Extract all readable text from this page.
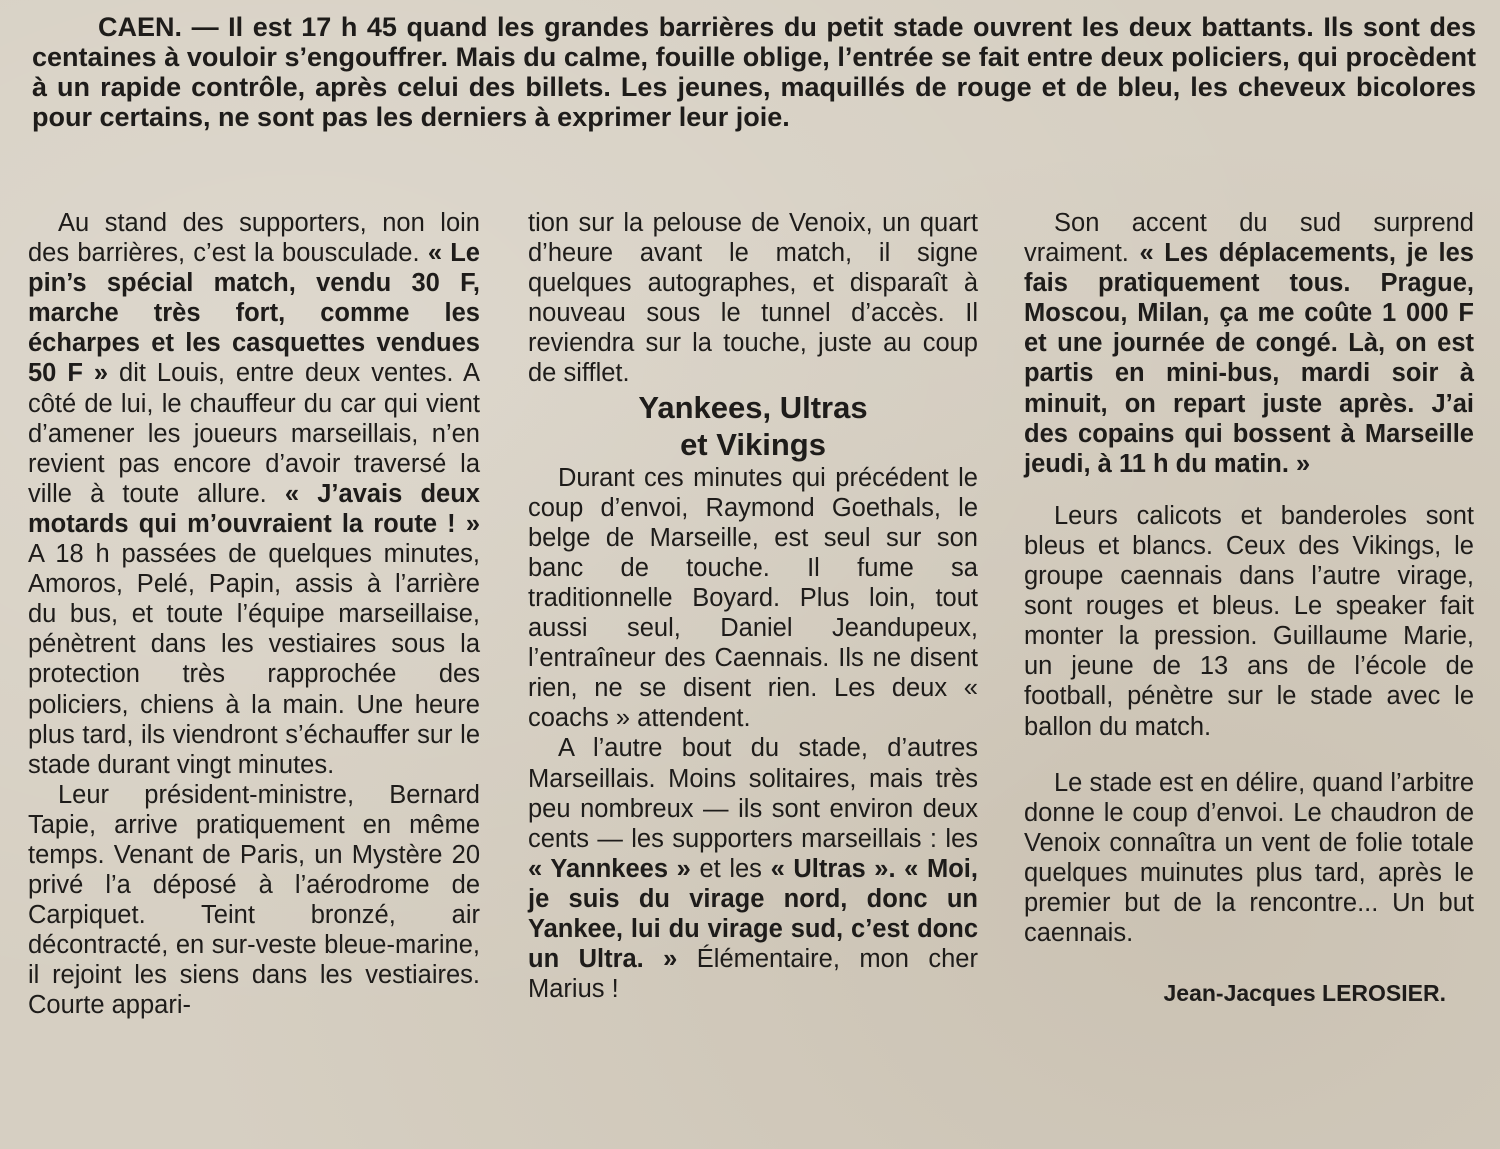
CAEN. — Il est 17 h 45 quand les grandes barrières du petit stade ouvrent les deux battants. Ils sont des centaines à vouloir s’engouffrer. Mais du calme, fouille oblige, l’entrée se fait entre deux policiers, qui procèdent à un rapide contrôle, après celui des billets. Les jeunes, maquillés de rouge et de bleu, les cheveux bicolores pour certains, ne sont pas les derniers à exprimer leur joie.

Au stand des supporters, non loin des barrières, c’est la bousculade. « Le pin’s spécial match, vendu 30 F, marche très fort, comme les écharpes et les casquettes vendues 50 F » dit Louis, entre deux ventes. A côté de lui, le chauffeur du car qui vient d’amener les joueurs marseillais, n’en revient pas encore d’avoir traversé la ville à toute allure. « J’avais deux motards qui m’ouvraient la route ! » A 18 h passées de quelques minutes, Amoros, Pelé, Papin, assis à l’arrière du bus, et toute l’équipe marseillaise, pénètrent dans les vestiaires sous la protection très rapprochée des policiers, chiens à la main. Une heure plus tard, ils viendront s’échauffer sur le stade durant vingt minutes.

Leur président-ministre, Bernard Tapie, arrive pratiquement en même temps. Venant de Paris, un Mystère 20 privé l’a déposé à l’aérodrome de Carpiquet. Teint bronzé, air décontracté, en sur-veste bleue-marine, il rejoint les siens dans les vestiaires. Courte appari-

tion sur la pelouse de Venoix, un quart d’heure avant le match, il signe quelques autographes, et disparaît à nouveau sous le tunnel d’accès. Il reviendra sur la touche, juste au coup de sifflet.

Yankees, Ultras
et Vikings

Durant ces minutes qui précédent le coup d’envoi, Raymond Goethals, le belge de Marseille, est seul sur son banc de touche. Il fume sa traditionnelle Boyard. Plus loin, tout aussi seul, Daniel Jeandupeux, l’entraîneur des Caennais. Ils ne disent rien, ne se disent rien. Les deux « coachs » attendent.

A l’autre bout du stade, d’autres Marseillais. Moins solitaires, mais très peu nombreux — ils sont environ deux cents — les supporters marseillais : les « Yannkees » et les « Ultras ». « Moi, je suis du virage nord, donc un Yankee, lui du virage sud, c’est donc un Ultra. » Élémentaire, mon cher Marius !

Son accent du sud surprend vraiment. « Les déplacements, je les fais pratiquement tous. Prague, Moscou, Milan, ça me coûte 1 000 F et une journée de congé. Là, on est partis en mini-bus, mardi soir à minuit, on repart juste après. J’ai des copains qui bossent à Marseille jeudi, à 11 h du matin. »

Leurs calicots et banderoles sont bleus et blancs. Ceux des Vikings, le groupe caennais dans l’autre virage, sont rouges et bleus. Le speaker fait monter la pression. Guillaume Marie, un jeune de 13 ans de l’école de football, pénètre sur le stade avec le ballon du match.

Le stade est en délire, quand l’arbitre donne le coup d’envoi. Le chaudron de Venoix connaîtra un vent de folie totale quelques muinutes plus tard, après le premier but de la rencontre... Un but caennais.

Jean-Jacques LEROSIER.
